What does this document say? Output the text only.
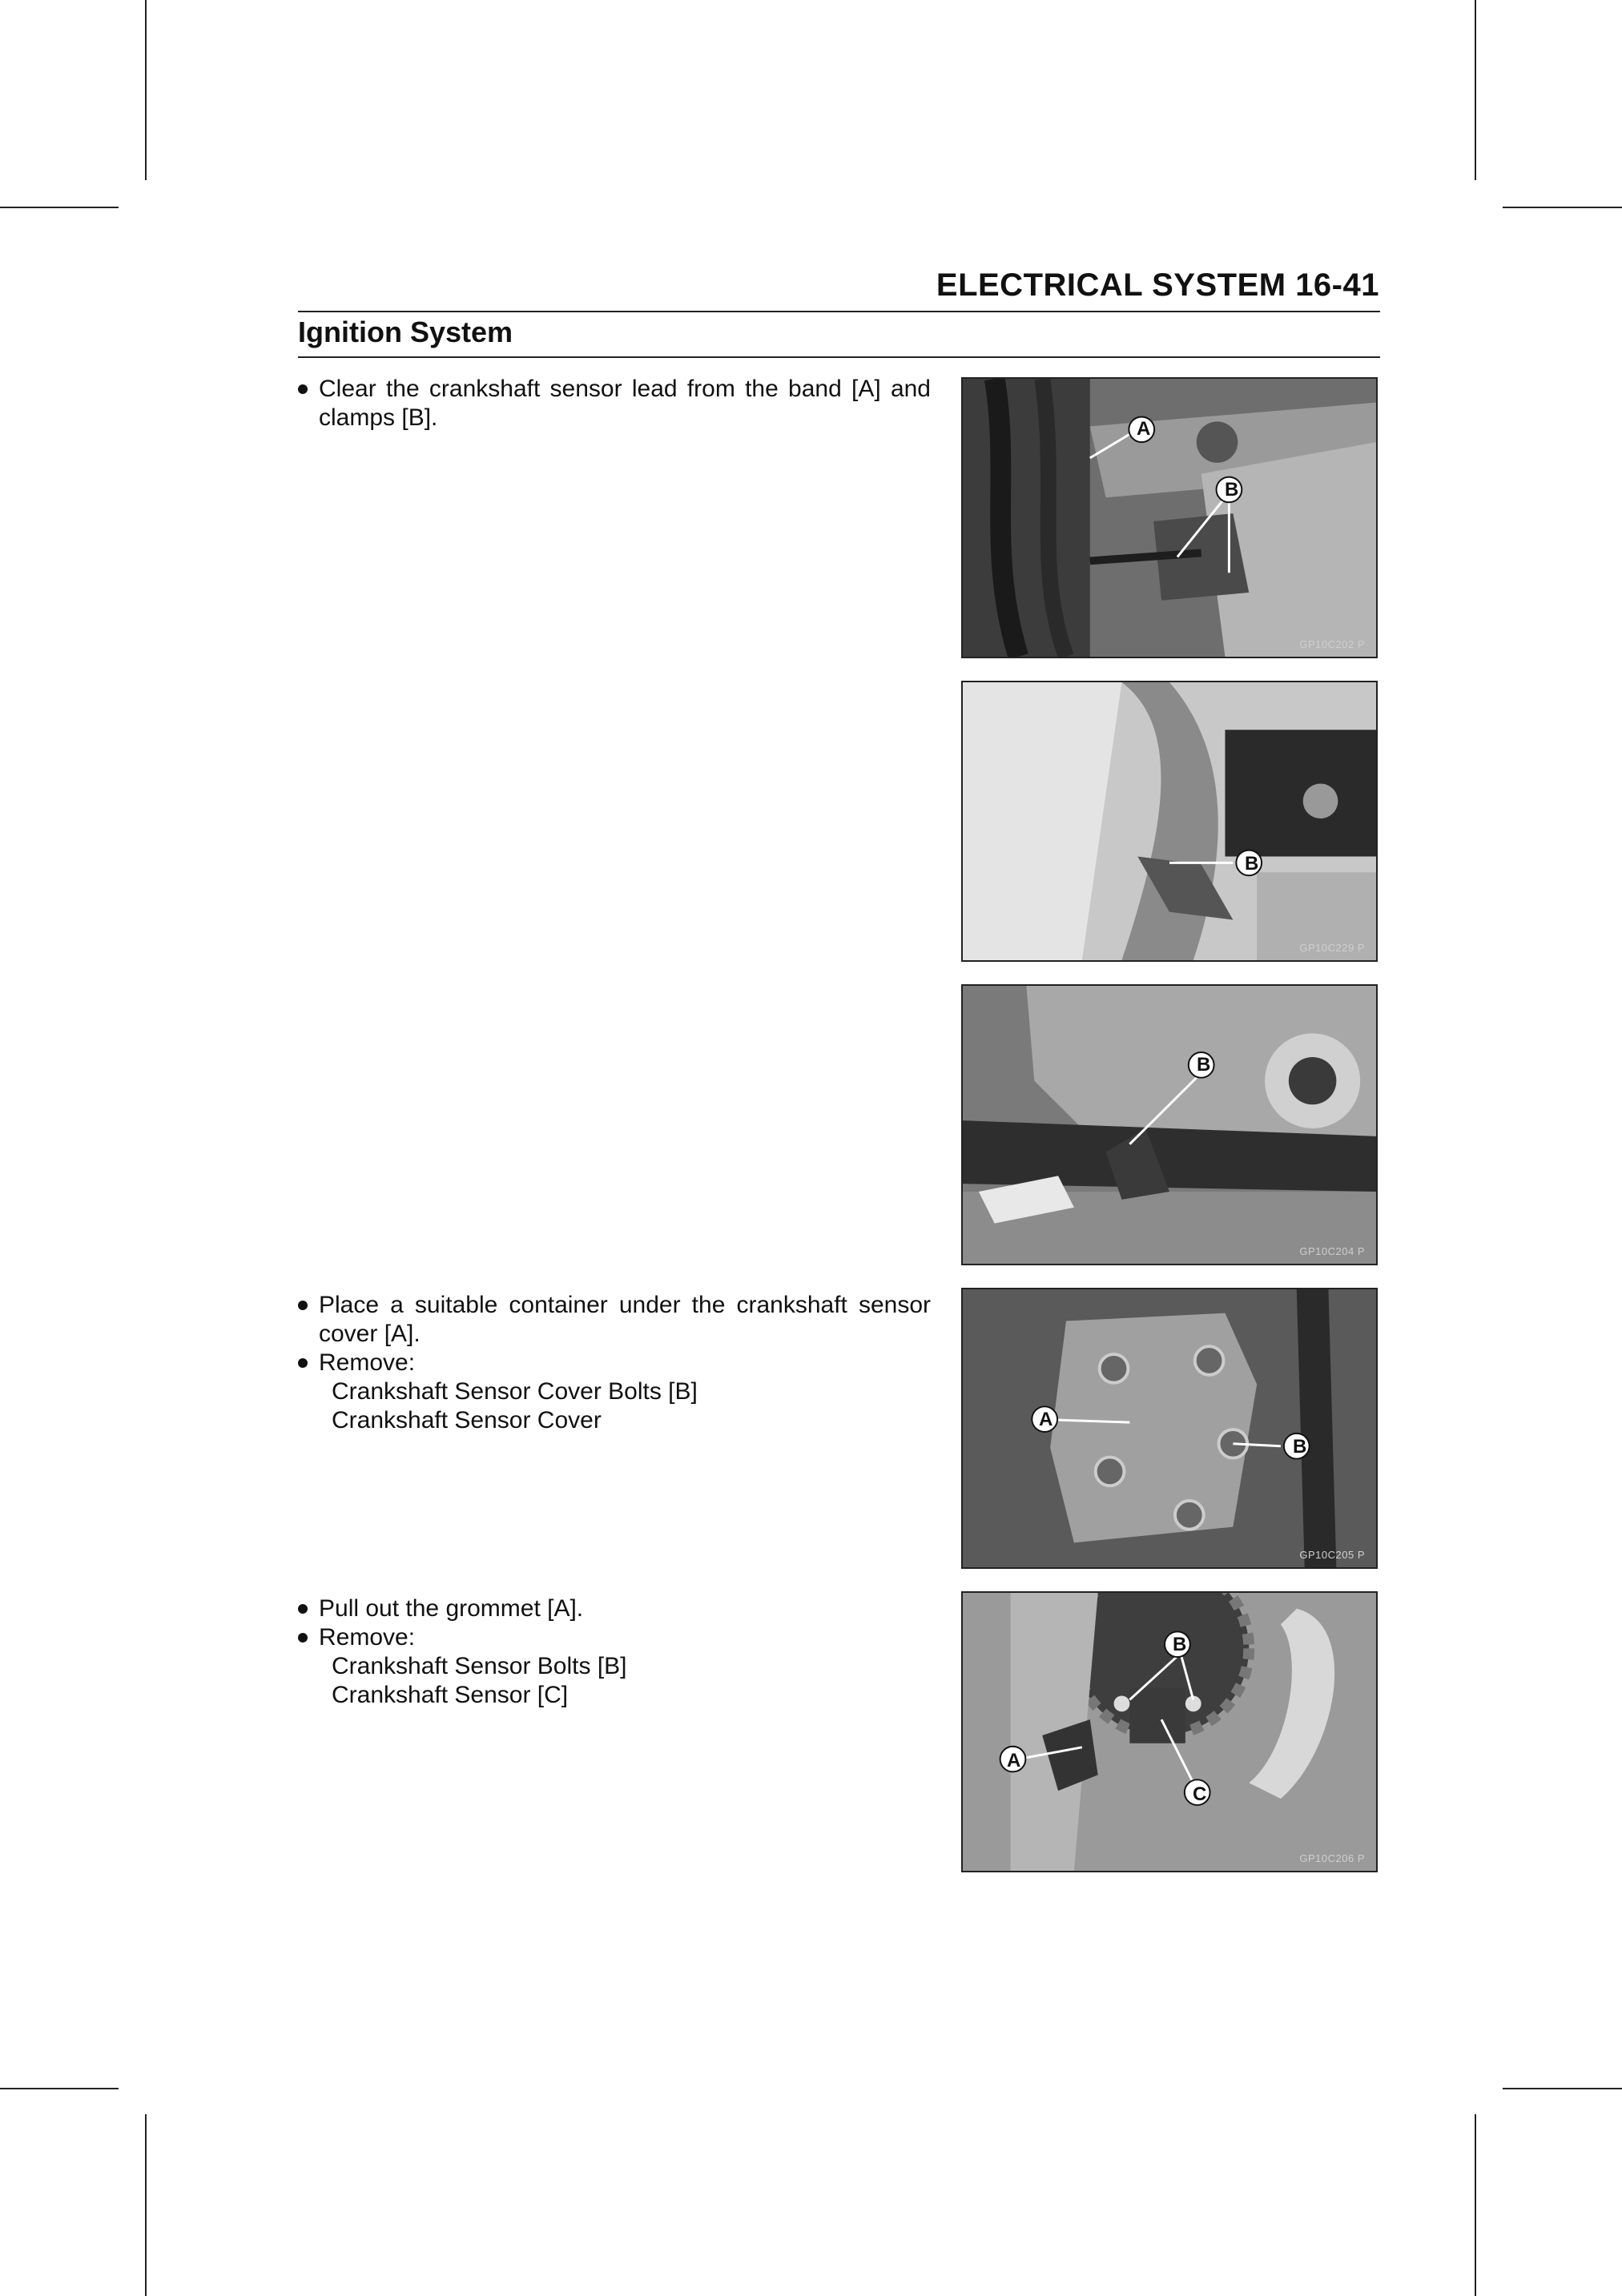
ELECTRICAL SYSTEM 16-41
Ignition System
Clear the crankshaft sensor lead from the band [A] and clamps [B].
Place a suitable container under the crankshaft sensor cover [A].
Remove:
Crankshaft Sensor Cover Bolts [B]
Crankshaft Sensor Cover
Pull out the grommet [A].
Remove:
Crankshaft Sensor Bolts [B]
Crankshaft Sensor [C]
A
B
GP10C202 P
B
GP10C229 P
B
GP10C204 P
A
B
GP10C205 P
A
B
C
GP10C206 P
